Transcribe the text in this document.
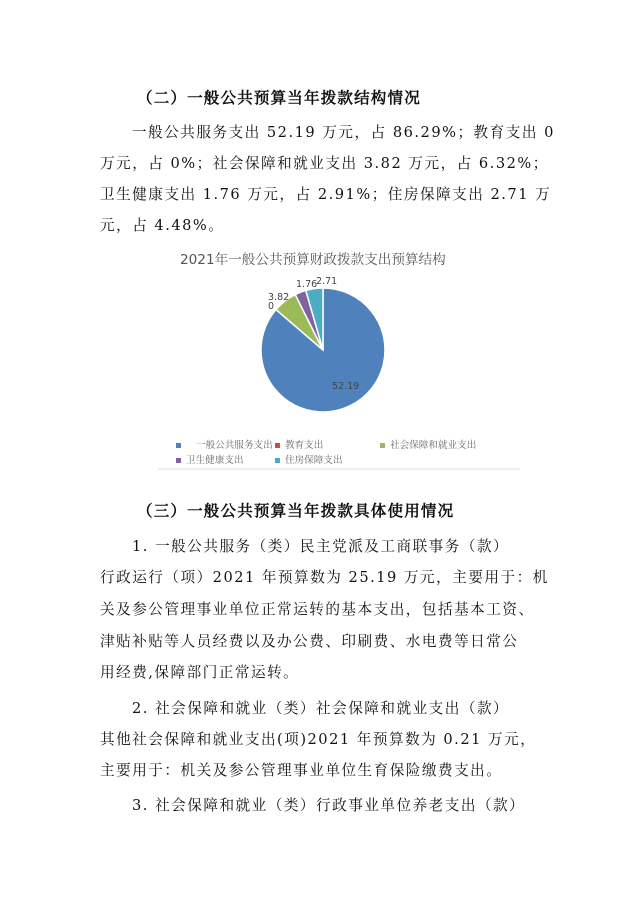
（二）一般公共预算当年拨款结构情况
一般公共服务支出 52.19 万元，占 86.29%；教育支出 0
万元，占 0%；社会保障和就业支出 3.82 万元，占 6.32%；
卫生健康支出 1.76 万元，占 2.91%；住房保障支出 2.71 万
元，占 4.48%。
2021年一般公共预算财政拨款支出预算结构
52.19
0
3.82
1.76
2.71
一般公共服务支出	教育支出	社会保障和就业支出
卫生健康支出	住房保障支出
（三）一般公共预算当年拨款具体使用情况
1. 一般公共服务（类）民主党派及工商联事务（款）
行政运行（项）2021 年预算数为 25.19 万元，主要用于：机
关及参公管理事业单位正常运转的基本支出，包括基本工资、
津贴补贴等人员经费以及办公费、印刷费、水电费等日常公
用经费,保障部门正常运转。
2. 社会保障和就业（类）社会保障和就业支出（款）
其他社会保障和就业支出(项)2021 年预算数为 0.21 万元，
主要用于：机关及参公管理事业单位生育保险缴费支出。
3. 社会保障和就业（类）行政事业单位养老支出（款）
